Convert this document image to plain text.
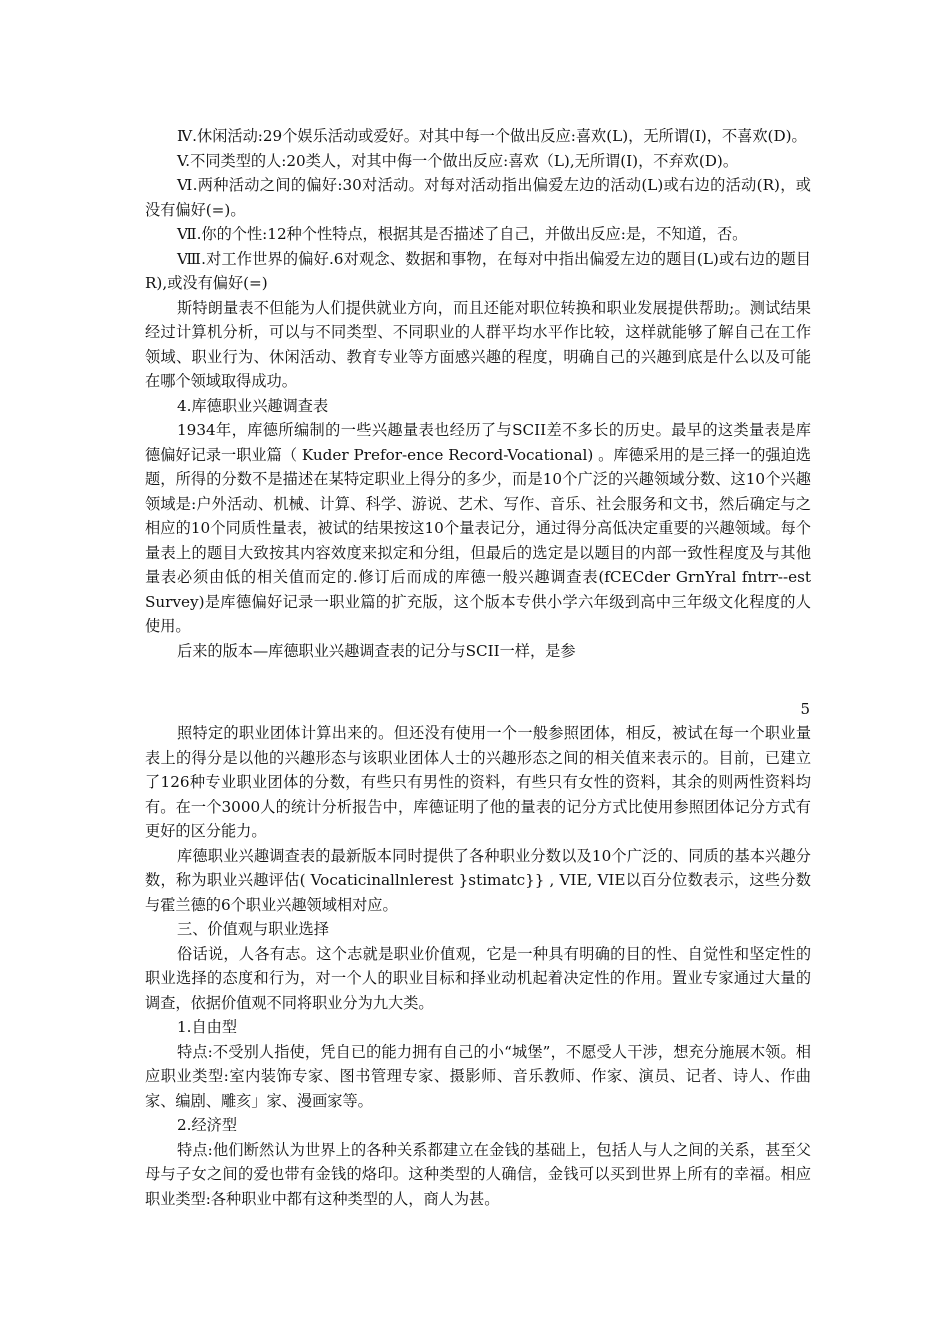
Ⅳ.休闲活动:29个娱乐活动或爱好。对其中每一个做出反应:喜欢(L)，无所谓(I)，不喜欢(D)。

V.不同类型的人:20类人，对其中侮一个做出反应:喜欢（L),无所谓(I)，不弃欢(D)。

Ⅵ.两种活动之间的偏好:30对活动。对每对活动指出偏爱左边的活动(L)或右边的活动(R)，或没有偏好(=)。

Ⅶ.你的个性:12种个性特点，根据其是否描述了自己，并做出反应:是，不知道，否。

Ⅷ.对工作世界的偏好.6对观念、数据和事物，在每对中指出偏爱左边的题目(L)或右边的题目R),或没有偏好(=)

斯特朗量表不但能为人们提供就业方向，而且还能对职位转换和职业发展提供帮助;。测试结果经过计算机分析，可以与不同类型、不同职业的人群平均水平作比较，这样就能够了解自己在工作领域、职业行为、休闲活动、教育专业等方面感兴趣的程度，明确自己的兴趣到底是什么以及可能在哪个领域取得成功。

4.库德职业兴趣调查表

1934年，库德所编制的一些兴趣量表也经历了与SCII差不多长的历史。最早的这类量表是库德偏好记录一职业篇（ Kuder Prefor-ence Record-Vocational) 。库德采用的是三择一的强迫选题，所得的分数不是描述在某特定职业上得分的多少，而是10个广泛的兴趣领域分数、这10个兴趣领域是:户外活动、机械、计算、科学、游说、艺术、写作、音乐、社会服务和文书，然后确定与之相应的10个同质性量表，被试的结果按这10个量表记分，通过得分高低决定重要的兴趣领域。每个量表上的题目大致按其内容效度来拟定和分组，但最后的选定是以题目的内部一致性程度及与其他量表必须由低的相关值而定的.修订后而成的库德一般兴趣调查表(fCECder GrnYral fntrr--est Survey)是库德偏好记录一职业篇的扩充版，这个版本专供小学六年级到高中三年级文化程度的人使用。

后来的版本—库德职业兴趣调查表的记分与SCII一样，是参

5

照特定的职业团体计算出来的。但还没有使用一个一般参照团体，相反，被试在每一个职业量表上的得分是以他的兴趣形态与该职业团体人士的兴趣形态之间的相关值来表示的。目前，已建立了126种专业职业团体的分数，有些只有男性的资料，有些只有女性的资料，其余的则两性资料均有。在一个3000人的统计分析报告中，库德证明了他的量表的记分方式比使用参照团体记分方式有更好的区分能力。

库德职业兴趣调查表的最新版本同时提供了各种职业分数以及10个广泛的、同质的基本兴趣分数，称为职业兴趣评估( Vocaticinallnlerest }stimatc}} , VIE, VIE以百分位数表示，这些分数与霍兰德的6个职业兴趣领域相对应。

三、价值观与职业选择

俗话说，人各有志。这个志就是职业价值观，它是一种具有明确的目的性、自觉性和坚定性的职业选择的态度和行为，对一个人的职业目标和择业动机起着决定性的作用。置业专家通过大量的调查，依据价值观不同将职业分为九大类。

1.自由型

特点:不受别人指使，凭自已的能力拥有自己的小“城堡”，不愿受人干涉，想充分施展木领。相应职业类型:室内装饰专家、图书管理专家、摄影师、音乐教师、作家、演员、记者、诗人、作曲家、编剧、雕亥」家、漫画家等。

2.经济型

特点:他们断然认为世界上的各种关系都建立在金钱的基础上，包括人与人之间的关系，甚至父母与子女之间的爱也带有金钱的烙印。这种类型的人确信，金钱可以买到世界上所有的幸福。相应职业类型:各种职业中都有这种类型的人，商人为甚。
